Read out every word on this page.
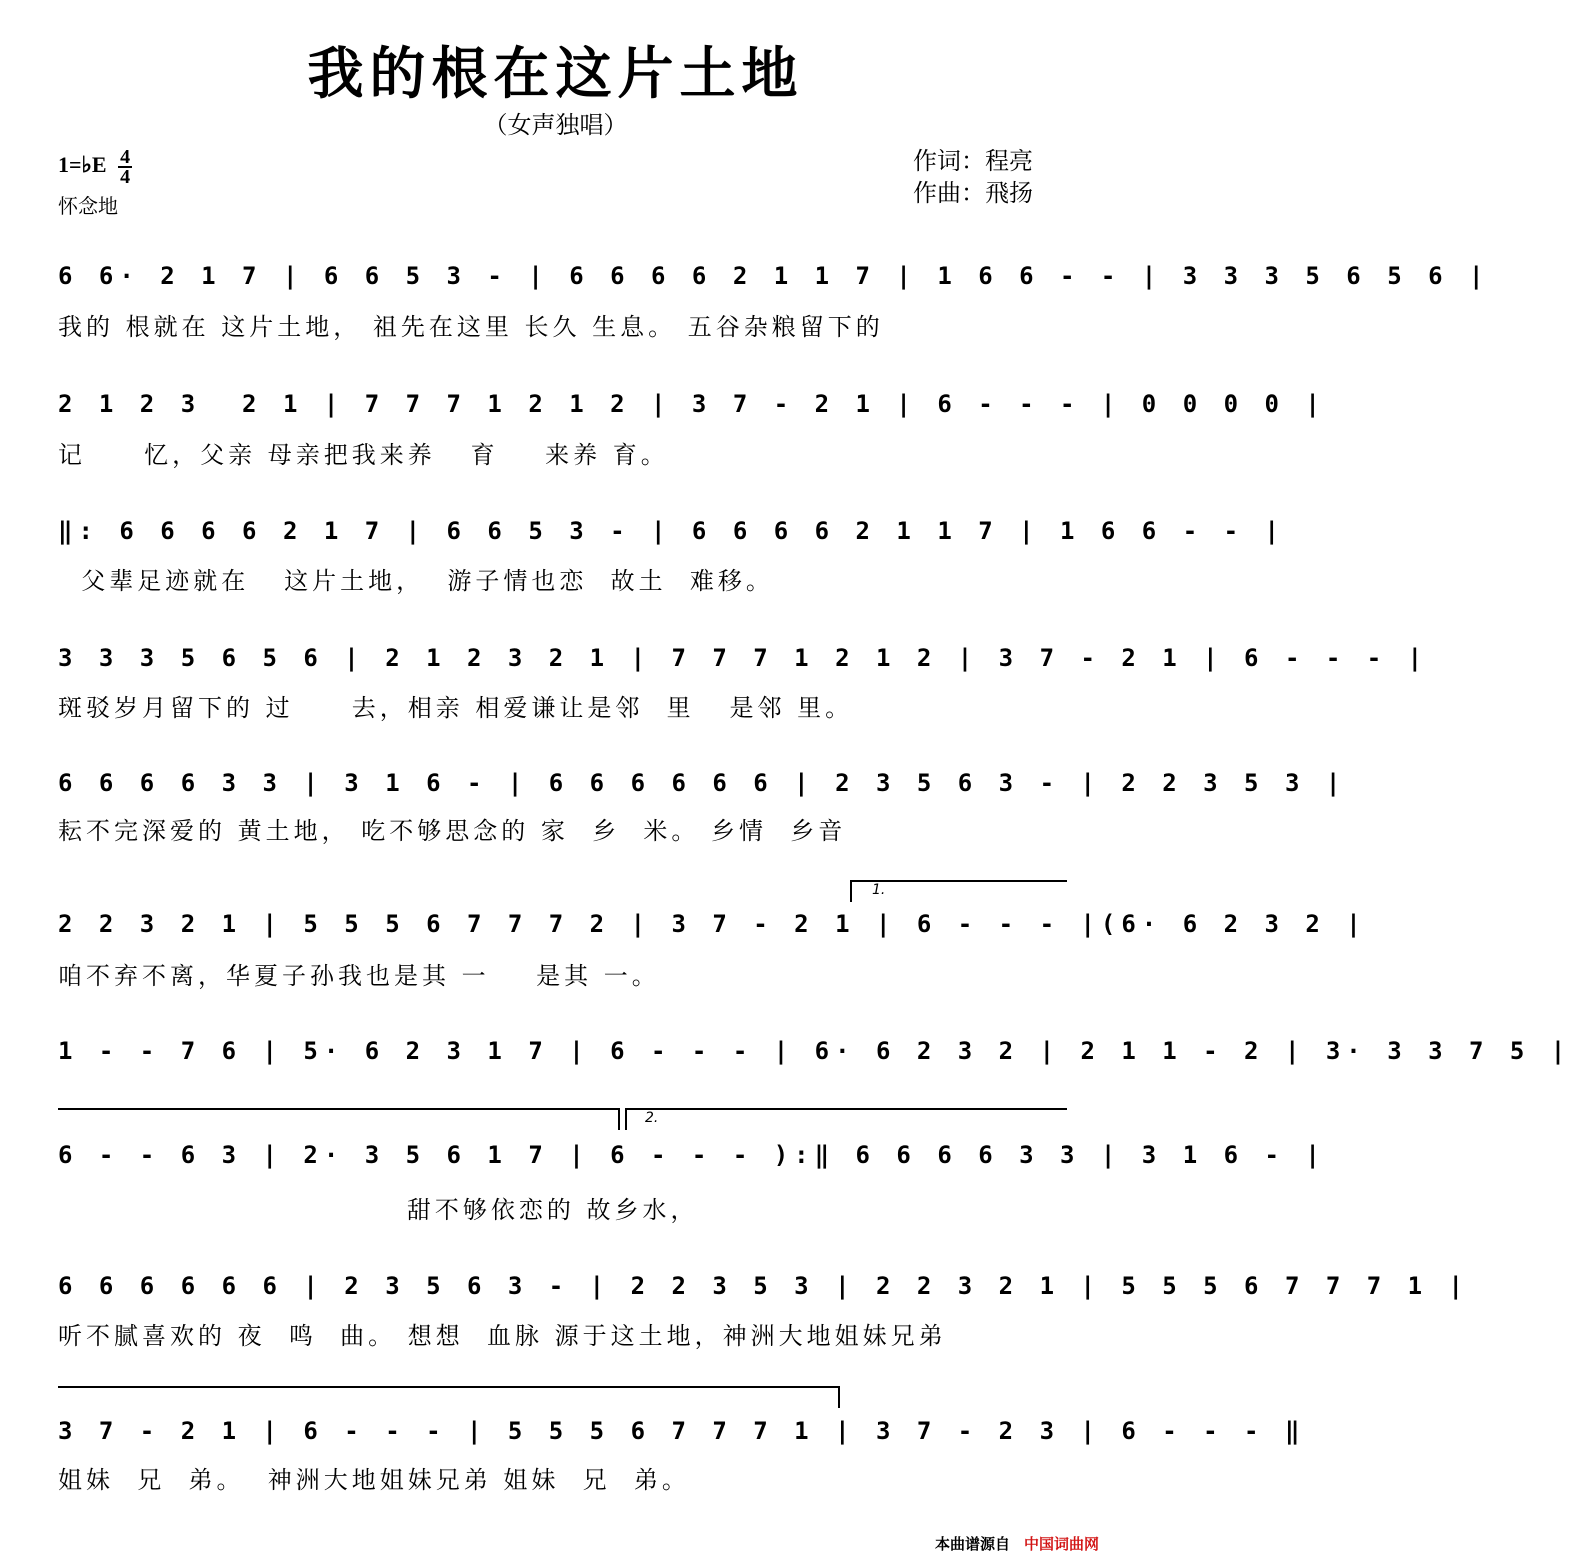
我的根在这片土地
（女声独唱）
1=♭E $\frac{4}{4}$
怀念地
作词：程亮
作曲：飛扬
6 6· 2 1 7 | 6 6 5 3 - | 6 6 6 6 2 1 1 7 | 1 6 6 - - | 3 3 3 5 6 5 6 |
我的 根就在 这片土地， 祖先在这里 长久 生息。 五谷杂粮留下的
2 1 2 3  2 1 | 7 7 7 1 2 1 2 | 3 7 - 2 1 | 6 - - - | 0 0 0 0 |
记     忆，父亲 母亲把我来养   育    来养 育。
‖: 6 6 6 6 2 1 7 | 6 6 5 3 - | 6 6 6 6 2 1 1 7 | 1 6 6 - - |
父辈足迹就在   这片土地，  游子情也恋  故土  难移。
3 3 3 5 6 5 6 | 2 1 2 3 2 1 | 7 7 7 1 2 1 2 | 3 7 - 2 1 | 6 - - - |
斑驳岁月留下的 过     去，相亲 相爱谦让是邻  里   是邻 里。
6 6 6 6 3 3 | 3 1 6 - | 6 6 6 6 6 6 | 2 3 5 6 3 - | 2 2 3 5 3 |
耘不完深爱的 黄土地， 吃不够思念的 家  乡  米。 乡情  乡音
1.
2 2 3 2 1 | 5 5 5 6 7 7 7 2 | 3 7 - 2 1 | 6 - - - |(6· 6 2 3 2 |
咱不弃不离，华夏子孙我也是其 一    是其 一。
1 - - 7 6 | 5· 6 2 3 1 7 | 6 - - - | 6· 6 2 3 2 | 2 1 1 - 2 | 3· 3 3 7 5 |
2.
6 - - 6 3 | 2· 3 5 6 1 7 | 6 - - - ):‖ 6 6 6 6 3 3 | 3 1 6 - |
甜不够依恋的 故乡水，
6 6 6 6 6 6 | 2 3 5 6 3 - | 2 2 3 5 3 | 2 2 3 2 1 | 5 5 5 6 7 7 7 1 |
听不腻喜欢的 夜  鸣  曲。 想想  血脉 源于这土地，神洲大地姐妹兄弟
3 7 - 2 1 | 6 - - - | 5 5 5 6 7 7 7 1 | 3 7 - 2 3 | 6 - - - ‖
姐妹  兄  弟。  神洲大地姐妹兄弟 姐妹  兄  弟。
本曲谱源自 中国词曲网
